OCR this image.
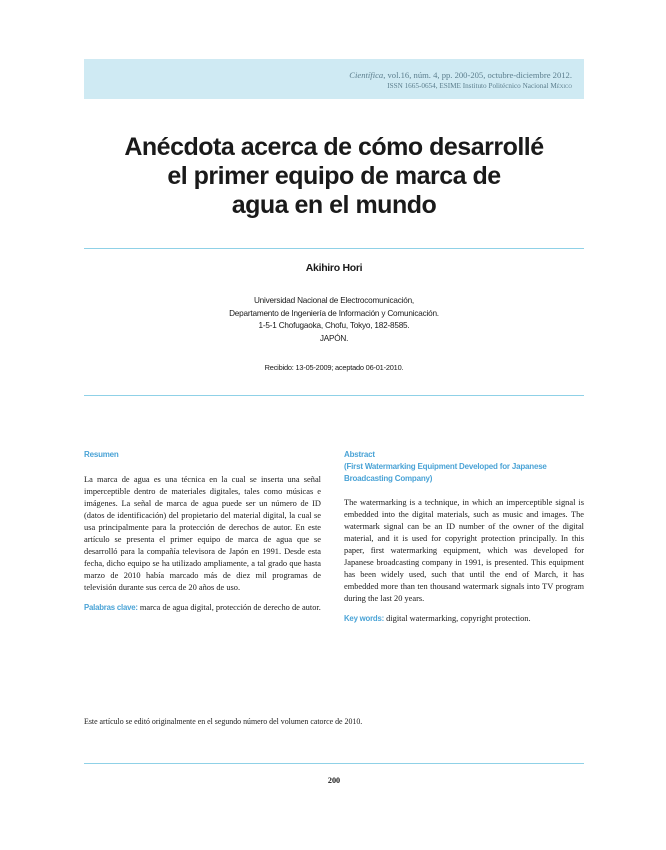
Científica, vol.16, núm. 4, pp. 200-205, octubre-diciembre 2012.
ISSN 1665-0654, ESIME Instituto Politécnico Nacional México
Anécdota acerca de cómo desarrollé
el primer equipo de marca de
agua en el mundo
Akihiro Hori
Universidad Nacional de Electrocomunicación,
Departamento de Ingeniería de Información y Comunicación.
1-5-1 Chofugaoka, Chofu, Tokyo, 182-8585.
JAPÓN.
Recibido: 13-05-2009; aceptado 06-01-2010.

Resumen

La marca de agua es una técnica en la cual se inserta una señal imperceptible dentro de materiales digitales, tales como músicas e imágenes. La señal de marca de agua puede ser un número de ID (datos de identificación) del propietario del material digital, la cual se usa principalmente para la protección de derechos de autor. En este artículo se presenta el primer equipo de marca de agua que se desarrolló para la compañía televisora de Japón en 1991. Desde esta fecha, dicho equipo se ha utilizado ampliamente, a tal grado que hasta marzo de 2010 había marcado más de diez mil programas de televisión durante sus cerca de 20 años de uso.

Palabras clave: marca de agua digital, protección de derecho de autor.

Abstract

(First Watermarking Equipment Developed for Japanese Broadcasting Company)

The watermarking is a technique, in which an imperceptible signal is embedded into the digital materials, such as music and images. The watermark signal can be an ID number of the owner of the digital material, and it is used for copyright protection principally. In this paper, first watermarking equipment, which was developed for Japanese broadcasting company in 1991, is presented. This equipment has been widely used, such that until the end of March, it has embedded more than ten thousand watermark signals into TV program during the last 20 years.

Key words: digital watermarking, copyright protection.

Este artículo se editó originalmente en el segundo número del volumen catorce de 2010.
200
